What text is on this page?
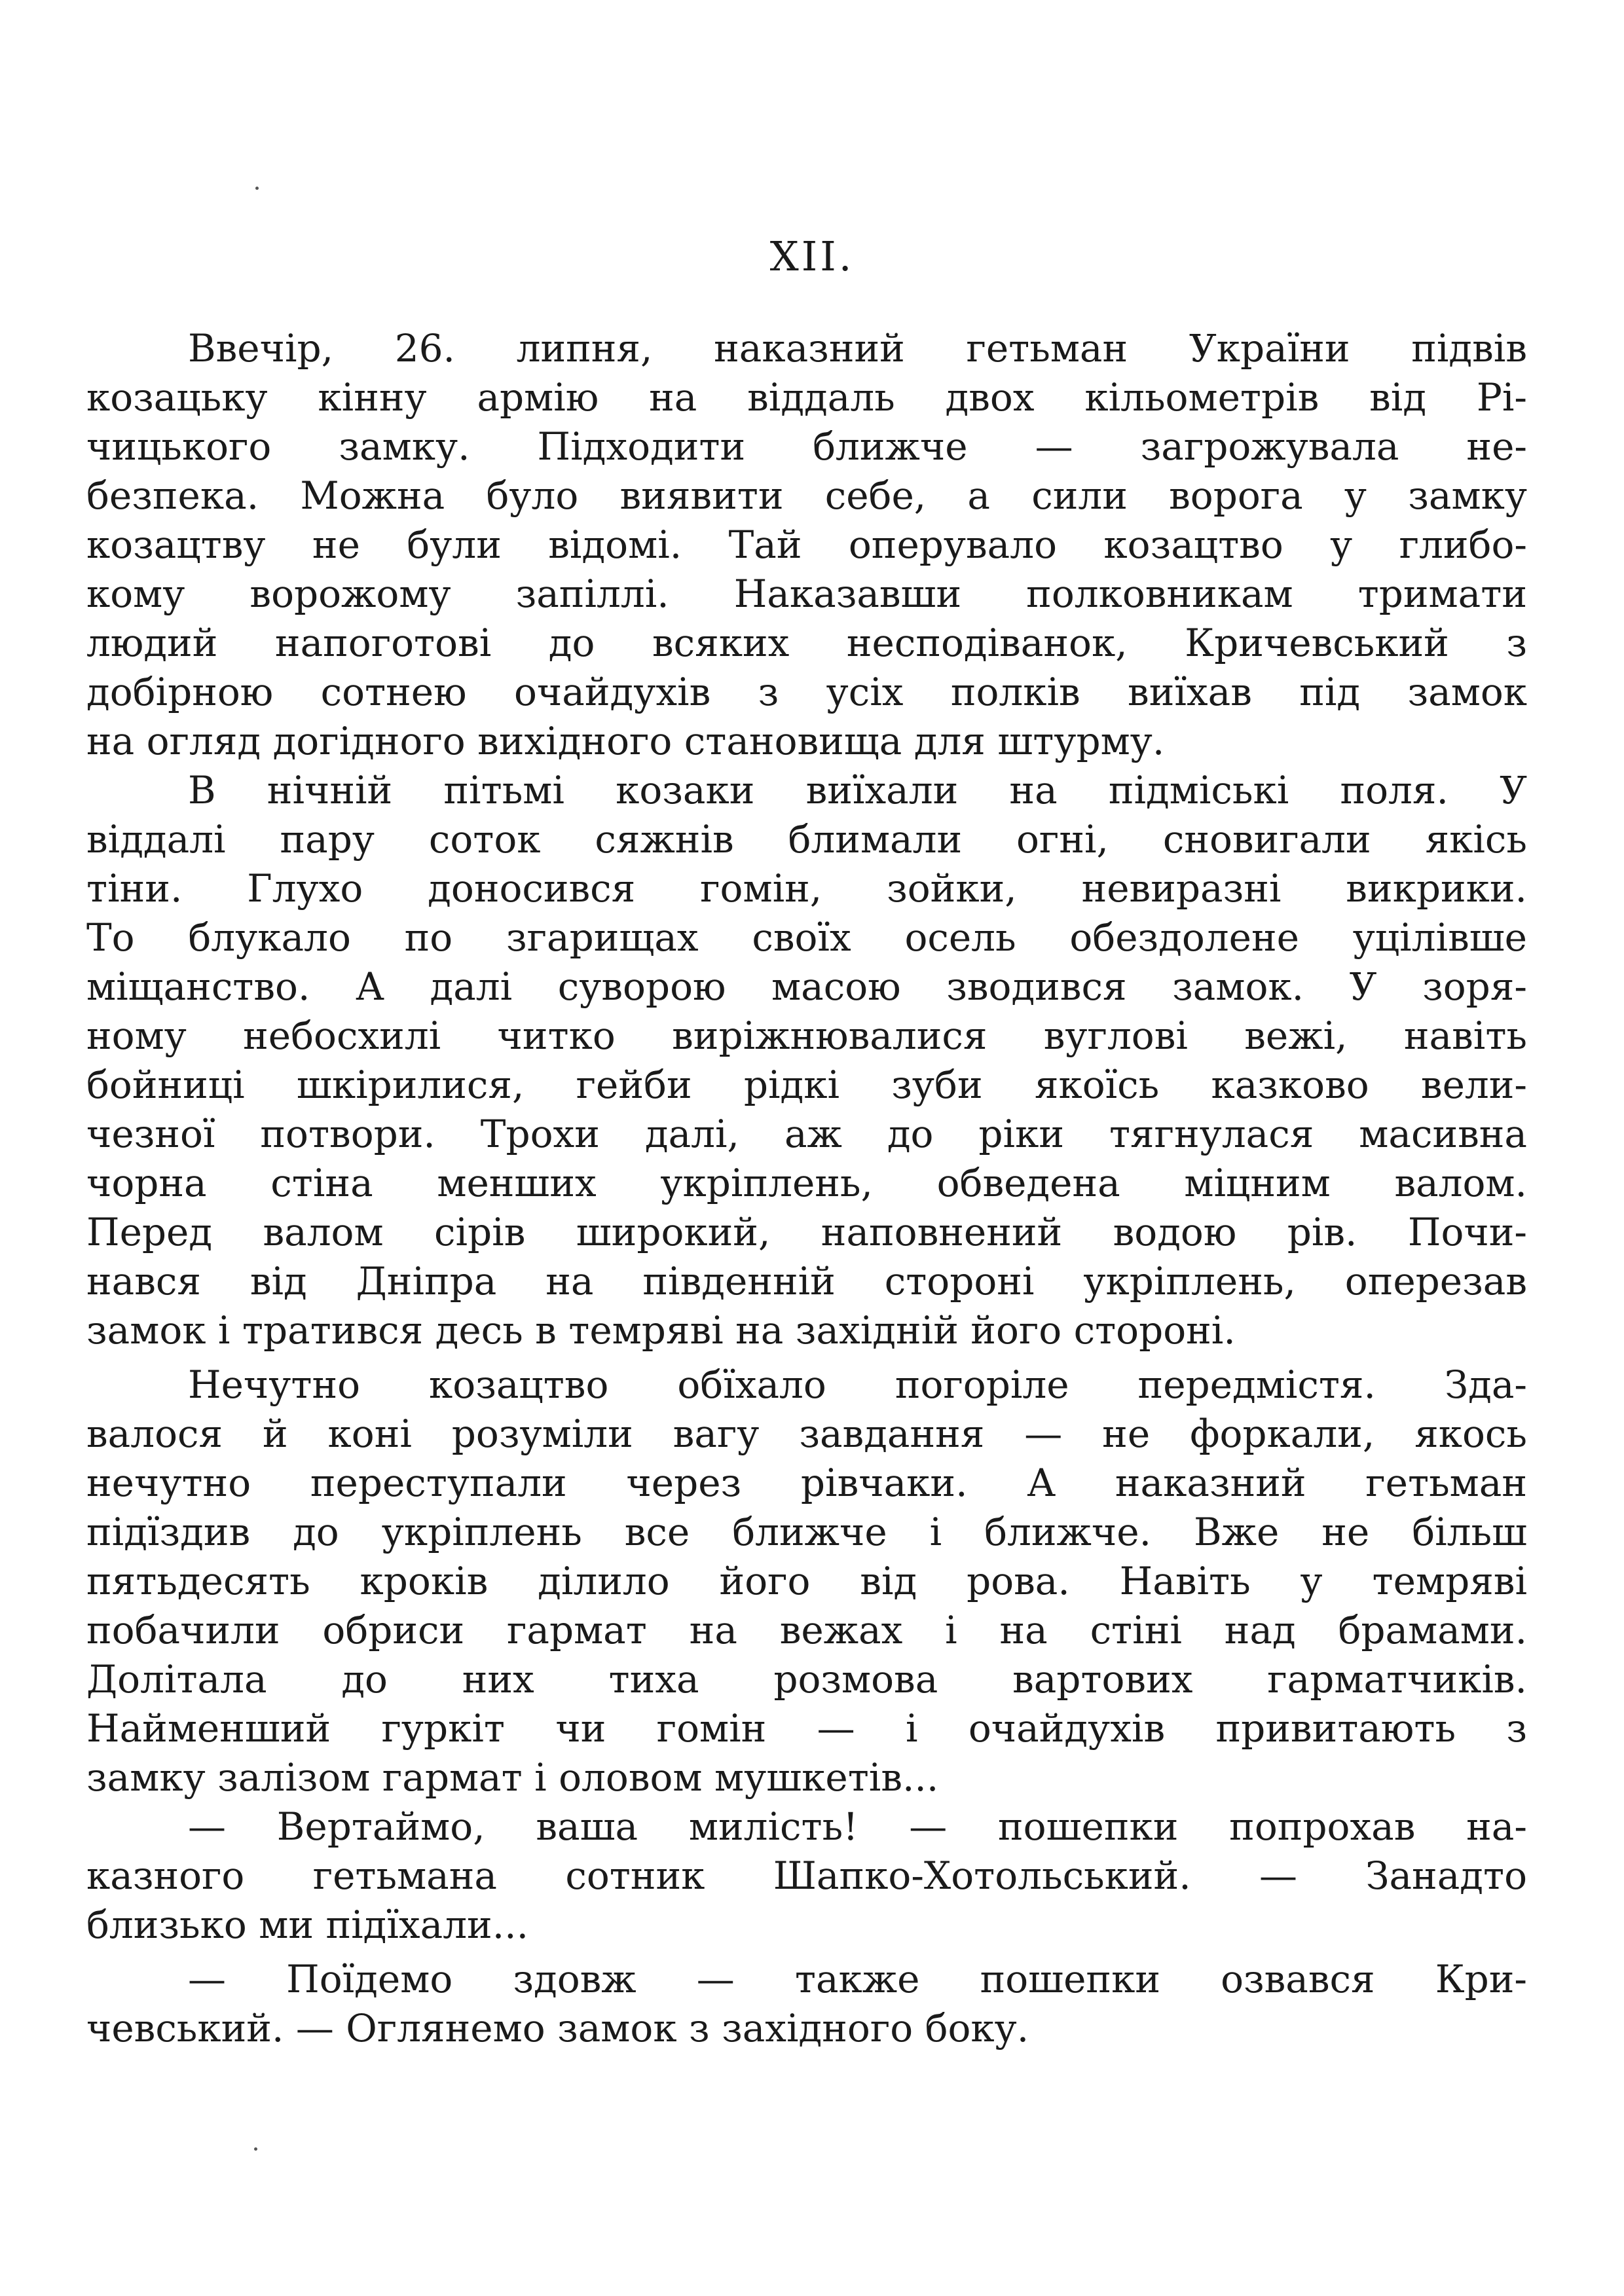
XII.
Ввечір, 26. липня, наказний гетьман України підвів
козацьку кінну армію на віддаль двох кільометрів від Рі-
чицького замку. Підходити ближче — загрожувала не-
безпека. Можна було виявити себе, а сили ворога у замку
козацтву не були відомі. Тай оперувало козацтво у глибо-
кому ворожому запіллі. Наказавши полковникам тримати
людий напоготові до всяких несподіванок, Кричевський з
добірною сотнею очайдухів з усіх полків виїхав під замок
на огляд догідного вихідного становища для штурму.
В нічній пітьмі козаки виїхали на підміські поля. У
віддалі пару соток сяжнів блимали огні, сновигали якісь
тіни. Глухо доносився гомін, зойки, невиразні викрики.
То блукало по згарищах своїх осель обездолене уцілівше
міщанство. А далі суворою масою зводився замок. У зоря-
ному небосхилі читко виріжнювалися вуглові вежі, навіть
бойниці шкірилися, гейби рідкі зуби якоїсь казково вели-
чезної потвори. Трохи далі, аж до ріки тягнулася масивна
чорна стіна менших укріплень, обведена міцним валом.
Перед валом сірів широкий, наповнений водою рів. Почи-
нався від Дніпра на південній стороні укріплень, оперезав
замок і тратився десь в темряві на західній його стороні.
Нечутно козацтво обїхало погоріле передмістя. Зда-
валося й коні розуміли вагу завдання — не форкали, якось
нечутно переступали через рівчаки. А наказний гетьман
підїздив до укріплень все ближче і ближче. Вже не більш
пятьдесять кроків ділило його від рова. Навіть у темряві
побачили обриси гармат на вежах і на стіні над брамами.
Долітала до них тиха розмова вартових гарматчиків.
Найменший гуркіт чи гомін — і очайдухів привитають з
замку залізом гармат і оловом мушкетів...
— Вертаймо, ваша милість! — пошепки попрохав на-
казного гетьмана сотник Шапко-Хотольський. — Занадто
близько ми підїхали...
— Поїдемо здовж — также пошепки озвався Кри-
чевський. — Оглянемо замок з західного боку.
